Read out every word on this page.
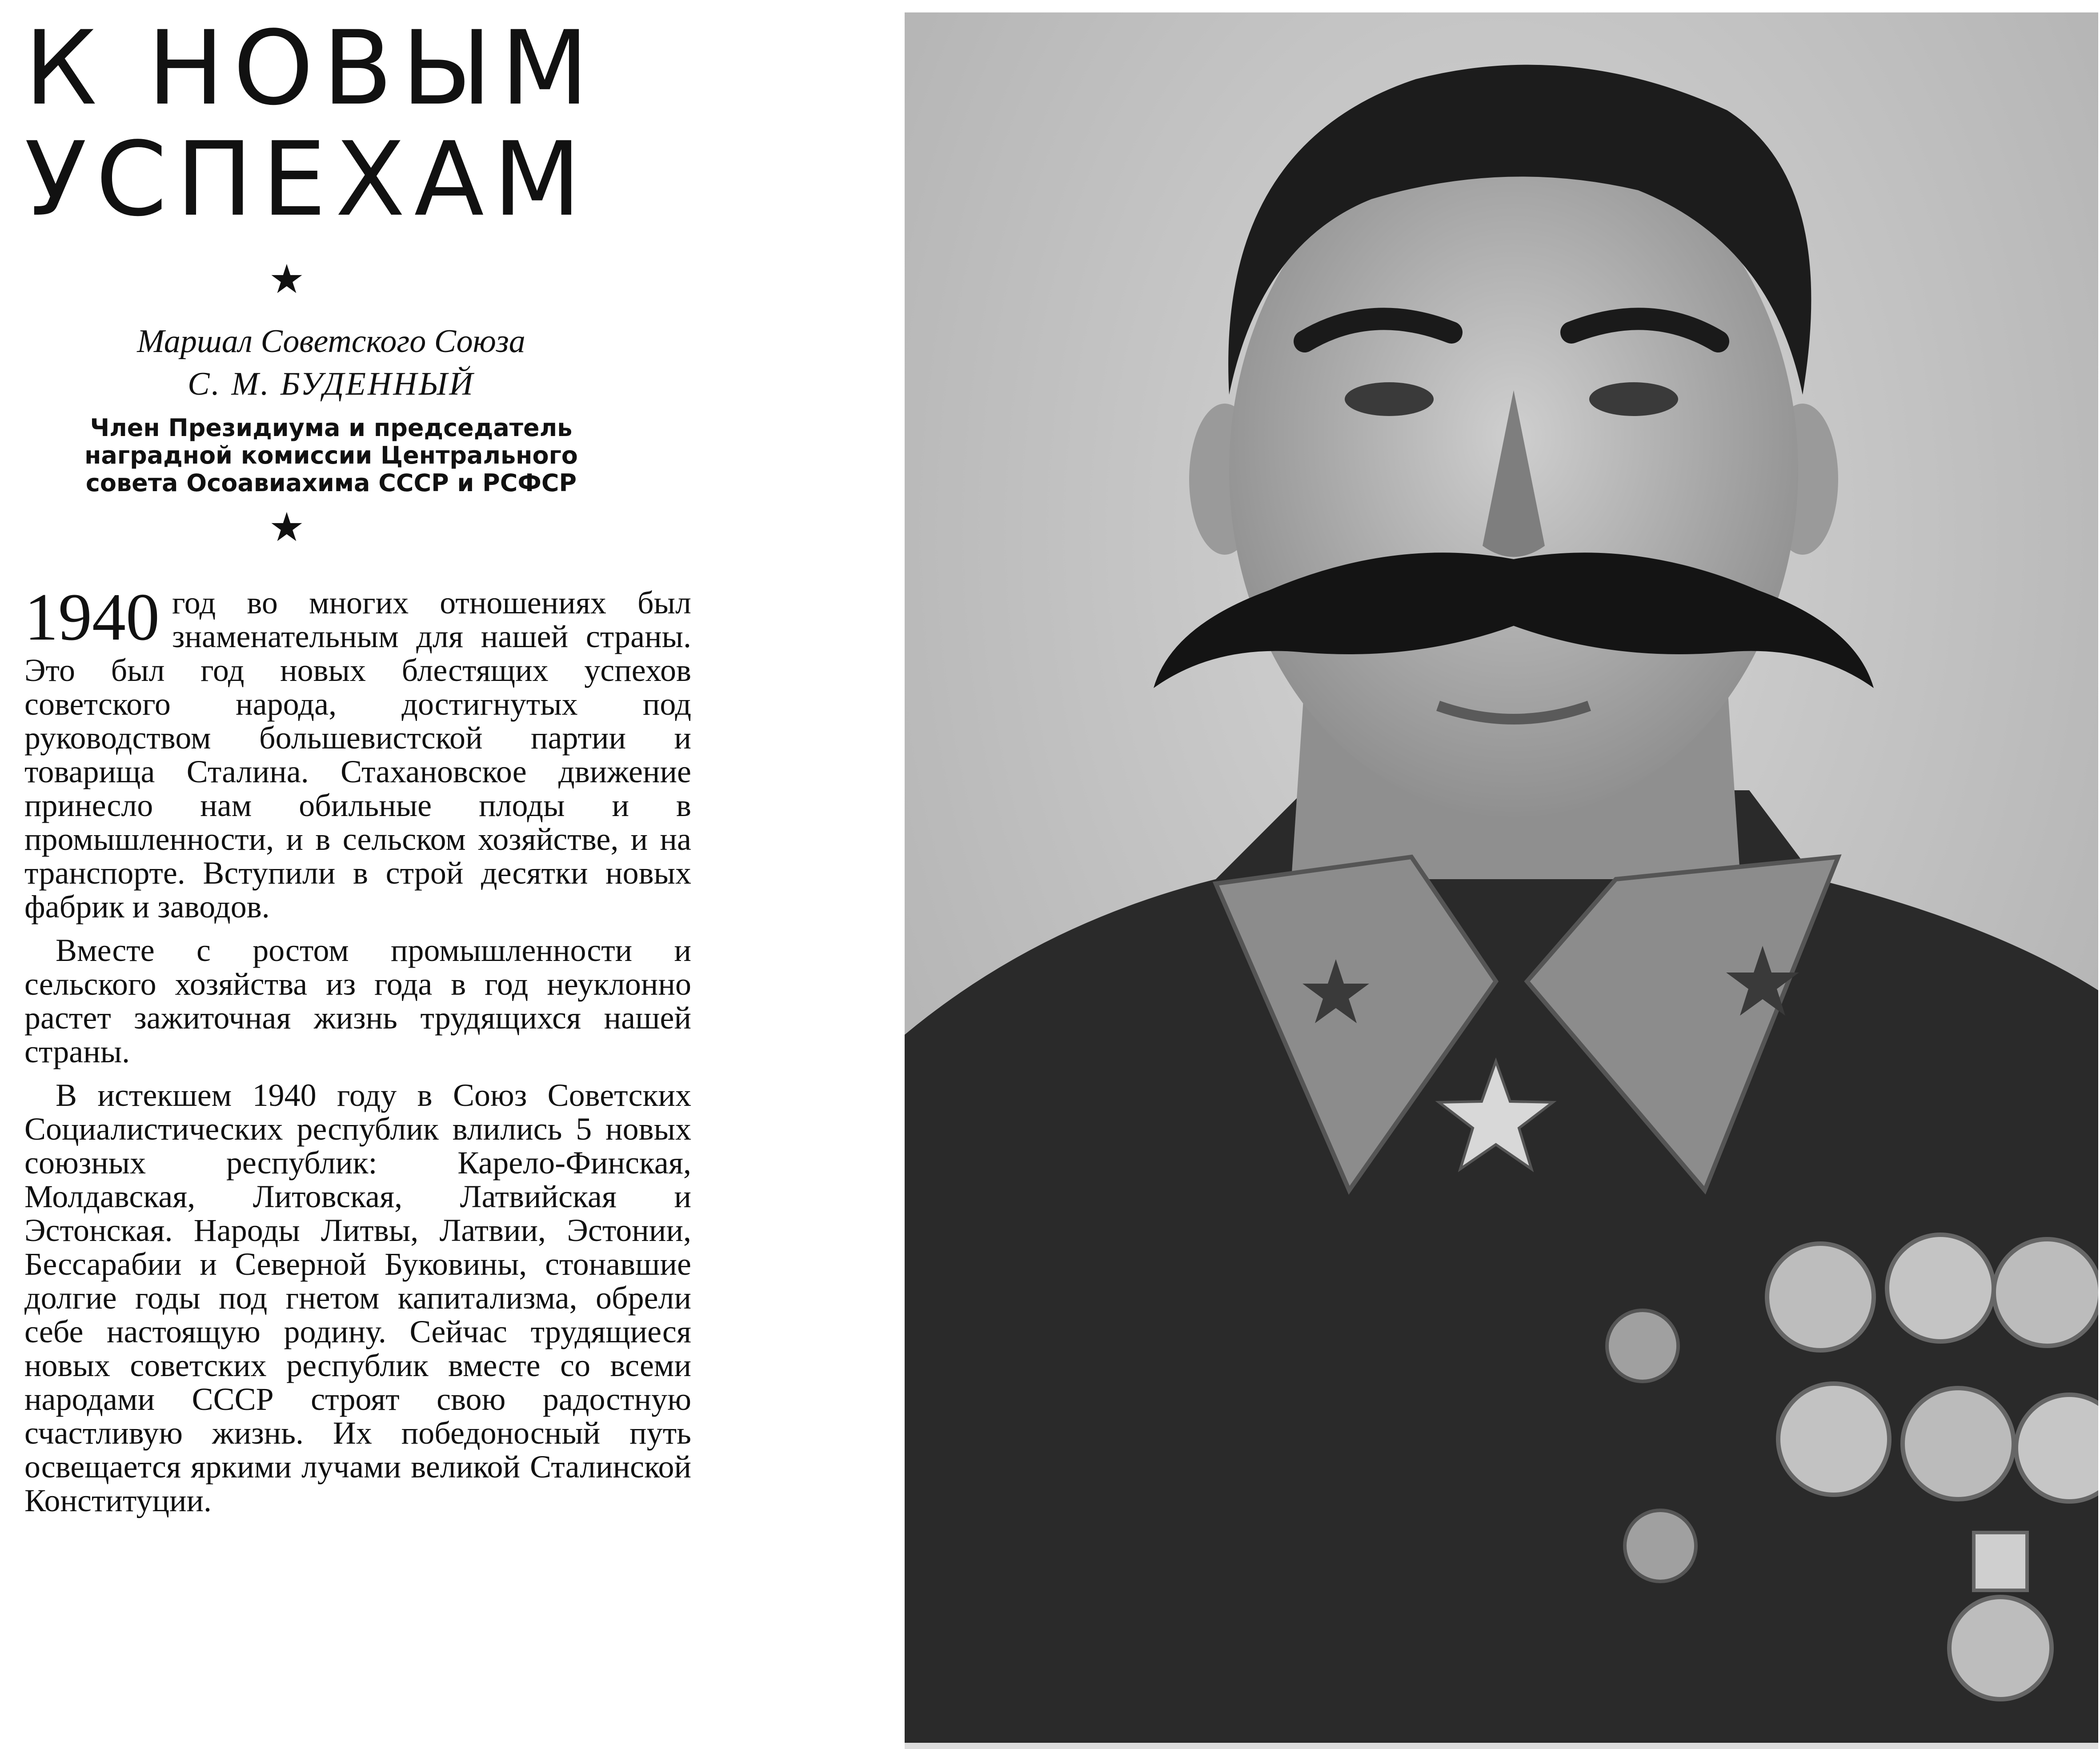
К НОВЫМ
УСПЕХАМ
★
Маршал Советского Союза
С. М. БУДЕННЫЙ
Член Президиума и председатель
наградной комиссии Центрального
совета Осоавиахима СССР и РСФСР
★

1940 год во многих отношениях был знаменательным для нашей страны. Это был год новых блестящих успехов советского народа, достигнутых под руководством большевистской партии и товарища Сталина. Стахановское движение принесло нам обильные плоды и в промышленности, и в сельском хозяйстве, и на транспорте. Вступили в строй десятки новых фабрик и заводов.

Вместе с ростом промышленности и сельского хозяйства из года в год неуклонно растет зажиточная жизнь трудящихся нашей страны.

В истекшем 1940 году в Союз Советских Социалистических республик влились 5 новых союзных республик: Карело-Финская, Молдавская, Литовская, Латвийская и Эстонская. Народы Литвы, Латвии, Эстонии, Бессарабии и Северной Буковины, стонавшие долгие годы под гнетом капитализма, обрели себе настоящую родину. Сейчас трудящиеся новых советских республик вместе со всеми народами СССР строят свою радостную счастливую жизнь. Их победоносный путь освещается яркими лучами великой Сталинской Конституции.
